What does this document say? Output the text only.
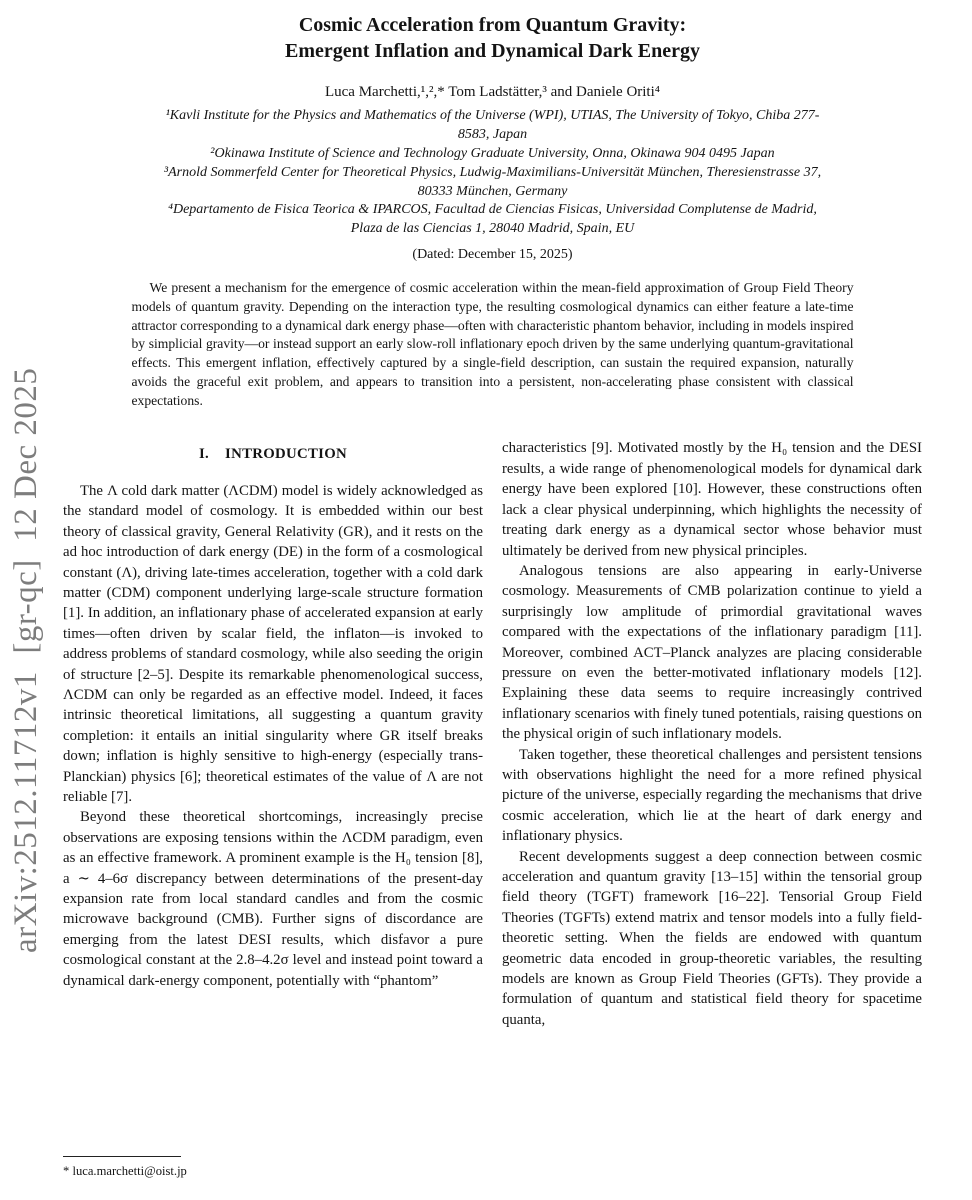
arXiv:2512.11712v1  [gr-qc]  12 Dec 2025
Cosmic Acceleration from Quantum Gravity:
Emergent Inflation and Dynamical Dark Energy
Luca Marchetti,¹,²,* Tom Ladstätter,³ and Daniele Oriti⁴
¹Kavli Institute for the Physics and Mathematics of the Universe (WPI), UTIAS, The University of Tokyo, Chiba 277-8583, Japan
²Okinawa Institute of Science and Technology Graduate University, Onna, Okinawa 904 0495 Japan
³Arnold Sommerfeld Center for Theoretical Physics, Ludwig-Maximilians-Universität München, Theresienstrasse 37, 80333 München, Germany
⁴Departamento de Fisica Teorica & IPARCOS, Facultad de Ciencias Fisicas, Universidad Complutense de Madrid, Plaza de las Ciencias 1, 28040 Madrid, Spain, EU
(Dated: December 15, 2025)
We present a mechanism for the emergence of cosmic acceleration within the mean-field approximation of Group Field Theory models of quantum gravity. Depending on the interaction type, the resulting cosmological dynamics can either feature a late-time attractor corresponding to a dynamical dark energy phase—often with characteristic phantom behavior, including in models inspired by simplicial gravity—or instead support an early slow-roll inflationary epoch driven by the same underlying quantum-gravitational effects. This emergent inflation, effectively captured by a single-field description, can sustain the required expansion, naturally avoids the graceful exit problem, and appears to transition into a persistent, non-accelerating phase consistent with classical expectations.
I.    INTRODUCTION

The Λ cold dark matter (ΛCDM) model is widely acknowledged as the standard model of cosmology. It is embedded within our best theory of classical gravity, General Relativity (GR), and it rests on the ad hoc introduction of dark energy (DE) in the form of a cosmological constant (Λ), driving late-times acceleration, together with a cold dark matter (CDM) component underlying large-scale structure formation [1]. In addition, an inflationary phase of accelerated expansion at early times—often driven by scalar field, the inflaton—is invoked to address problems of standard cosmology, while also seeding the origin of structure [2–5]. Despite its remarkable phenomenological success, ΛCDM can only be regarded as an effective model. Indeed, it faces intrinsic theoretical limitations, all suggesting a quantum gravity completion: it entails an initial singularity where GR itself breaks down; inflation is highly sensitive to high-energy (especially trans-Planckian) physics [6]; theoretical estimates of the value of Λ are not reliable [7].

Beyond these theoretical shortcomings, increasingly precise observations are exposing tensions within the ΛCDM paradigm, even as an effective framework. A prominent example is the H₀ tension [8], a ∼ 4–6σ discrepancy between determinations of the present-day expansion rate from local standard candles and from the cosmic microwave background (CMB). Further signs of discordance are emerging from the latest DESI results, which disfavor a pure cosmological constant at the 2.8–4.2σ level and instead point toward a dynamical dark-energy component, potentially with “phantom”

characteristics [9]. Motivated mostly by the H₀ tension and the DESI results, a wide range of phenomenological models for dynamical dark energy have been explored [10]. However, these constructions often lack a clear physical underpinning, which highlights the necessity of treating dark energy as a dynamical sector whose behavior must ultimately be derived from new physical principles.

Analogous tensions are also appearing in early-Universe cosmology. Measurements of CMB polarization continue to yield a surprisingly low amplitude of primordial gravitational waves compared with the expectations of the inflationary paradigm [11]. Moreover, combined ACT–Planck analyzes are placing considerable pressure on even the better-motivated inflationary models [12]. Explaining these data seems to require increasingly contrived inflationary scenarios with finely tuned potentials, raising questions on the physical origin of such inflationary models.

Taken together, these theoretical challenges and persistent tensions with observations highlight the need for a more refined physical picture of the universe, especially regarding the mechanisms that drive cosmic acceleration, which lie at the heart of dark energy and inflationary physics.

Recent developments suggest a deep connection between cosmic acceleration and quantum gravity [13–15] within the tensorial group field theory (TGFT) framework [16–22]. Tensorial Group Field Theories (TGFTs) extend matrix and tensor models into a fully field-theoretic setting. When the fields are endowed with quantum geometric data encoded in group-theoretic variables, the resulting models are known as Group Field Theories (GFTs). They provide a formulation of quantum and statistical field theory for spacetime quanta,

* luca.marchetti@oist.jp
